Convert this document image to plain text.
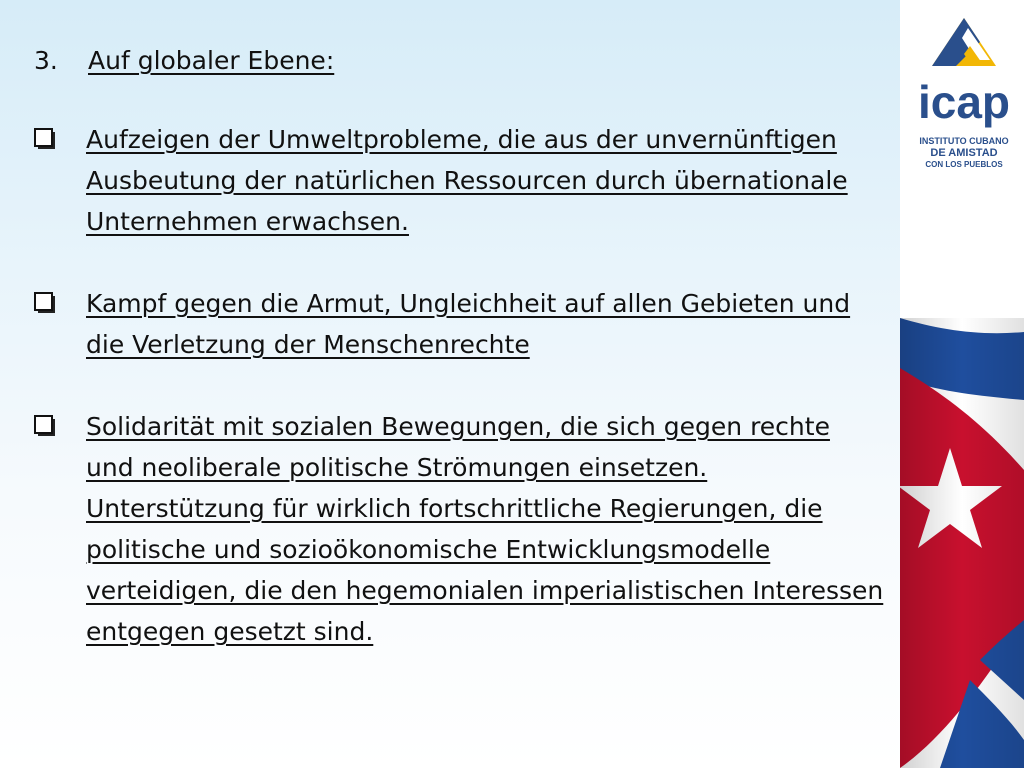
3.	Auf globaler Ebene:
Aufzeigen der Umweltprobleme, die aus der unvernünftigen Ausbeutung der natürlichen Ressourcen durch übernationale Unternehmen erwachsen.
Kampf gegen die Armut, Ungleichheit auf allen Gebieten und die Verletzung der Menschenrechte
Solidarität mit sozialen Bewegungen, die sich gegen rechte und neoliberale politische Strömungen einsetzen. Unterstützung für wirklich fortschrittliche Regierungen, die politische und sozioökonomische Entwicklungsmodelle verteidigen, die den hegemonialen imperialistischen Interessen entgegen gesetzt sind.
icap
INSTITUTO CUBANO
DE AMISTAD
CON LOS PUEBLOS
